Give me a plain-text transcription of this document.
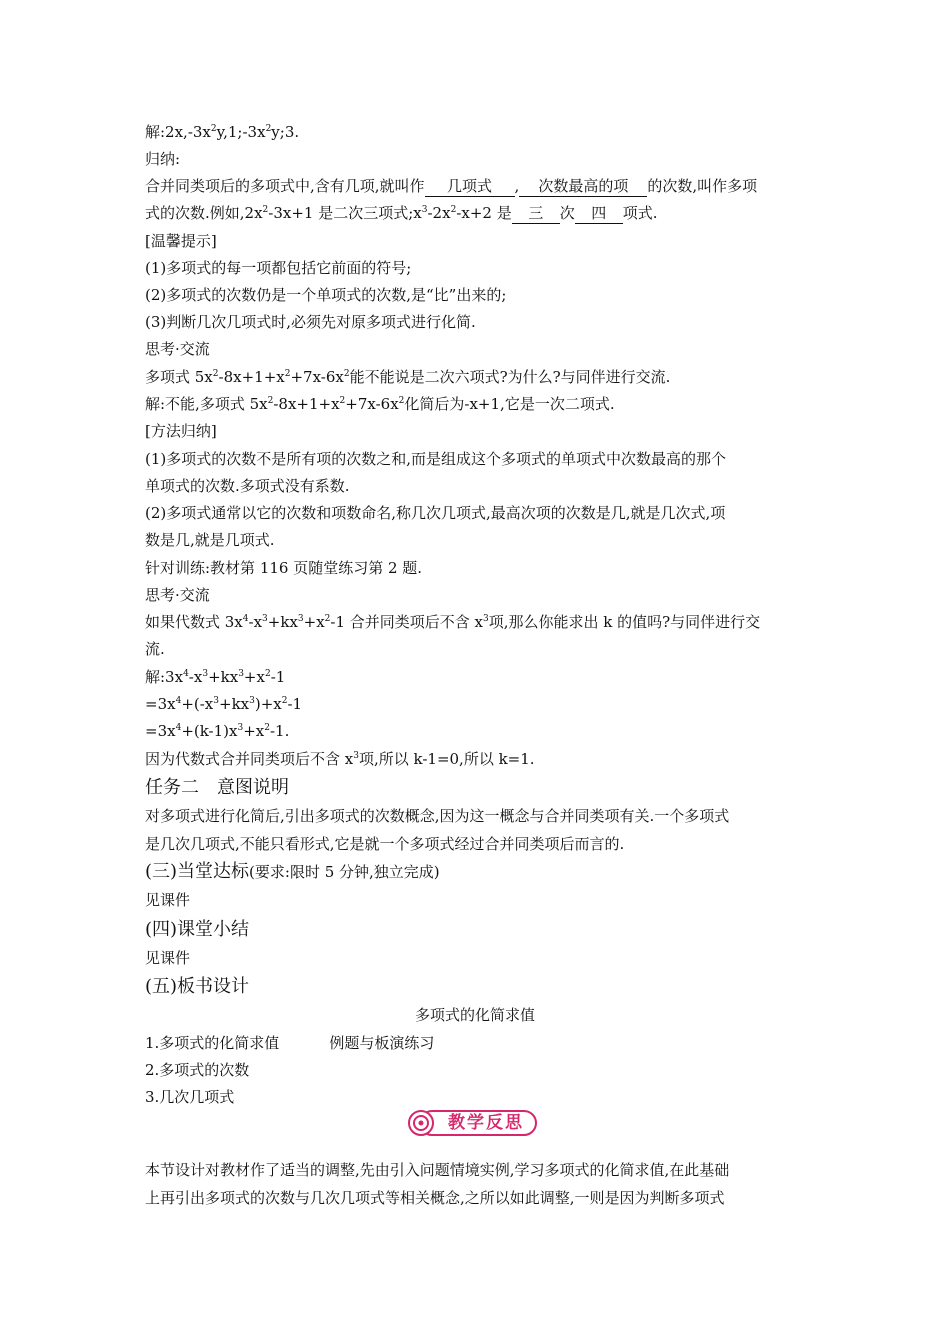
解$:2x,-3x^2y,1;-3x^2y;3$.
归纳:
合并同类项后的多项式中,含有几项,就叫作 几项式 , 次数最高的项 的次数,叫作多项
式的次数.例如$,2x^2-3x+1$ 是二次三项式$;x^3-2x^2-x+2$ 是 三 次 四 项式.
[温馨提示]
(1)多项式的每一项都包括它前面的符号;
(2)多项式的次数仍是一个单项式的次数,是“比”出来的;
(3)判断几次几项式时,必须先对原多项式进行化简.
思考·交流
多项式 $5x^2-8x+1+x^2+7x-6x^2$能不能说是二次六项式?为什么?与同伴进行交流.
解:不能,多项式 $5x^2-8x+1+x^2+7x-6x^2$化简后为-x+1,它是一次二项式.
[方法归纳]
(1)多项式的次数不是所有项的次数之和,而是组成这个多项式的单项式中次数最高的那个
单项式的次数.多项式没有系数.
(2)多项式通常以它的次数和项数命名,称几次几项式,最高次项的次数是几,就是几次式,项
数是几,就是几项式.
针对训练:教材第 116 页随堂练习第 2 题.
思考·交流
如果代数式 $3x^4-x^3+kx^3+x^2-1$ 合并同类项后不含 $x^3$项,那么你能求出 k 的值吗?与同伴进行交
流.
解$:3x^4-x^3+kx^3+x^2-1$
$=3x^4+(-x^3+kx^3)+x^2-1$
$=3x^4+(k-1)x^3+x^2-1$.
因为代数式合并同类项后不含 $x^3$项,所以 k-1=0,所以 k=1.
任务二　意图说明
对多项式进行化简后,引出多项式的次数概念,因为这一概念与合并同类项有关.一个多项式
是几次几项式,不能只看形式,它是就一个多项式经过合并同类项后而言的.
(三)当堂达标(要求:限时 5 分钟,独立完成)
见课件
(四)课堂小结
见课件
(五)板书设计
多项式的化简求值
1.多项式的化简求值	例题与板演练习
2.多项式的次数
3.几次几项式
教学反思
本节设计对教材作了适当的调整,先由引入问题情境实例,学习多项式的化简求值,在此基础
上再引出多项式的次数与几次几项式等相关概念,之所以如此调整,一则是因为判断多项式
